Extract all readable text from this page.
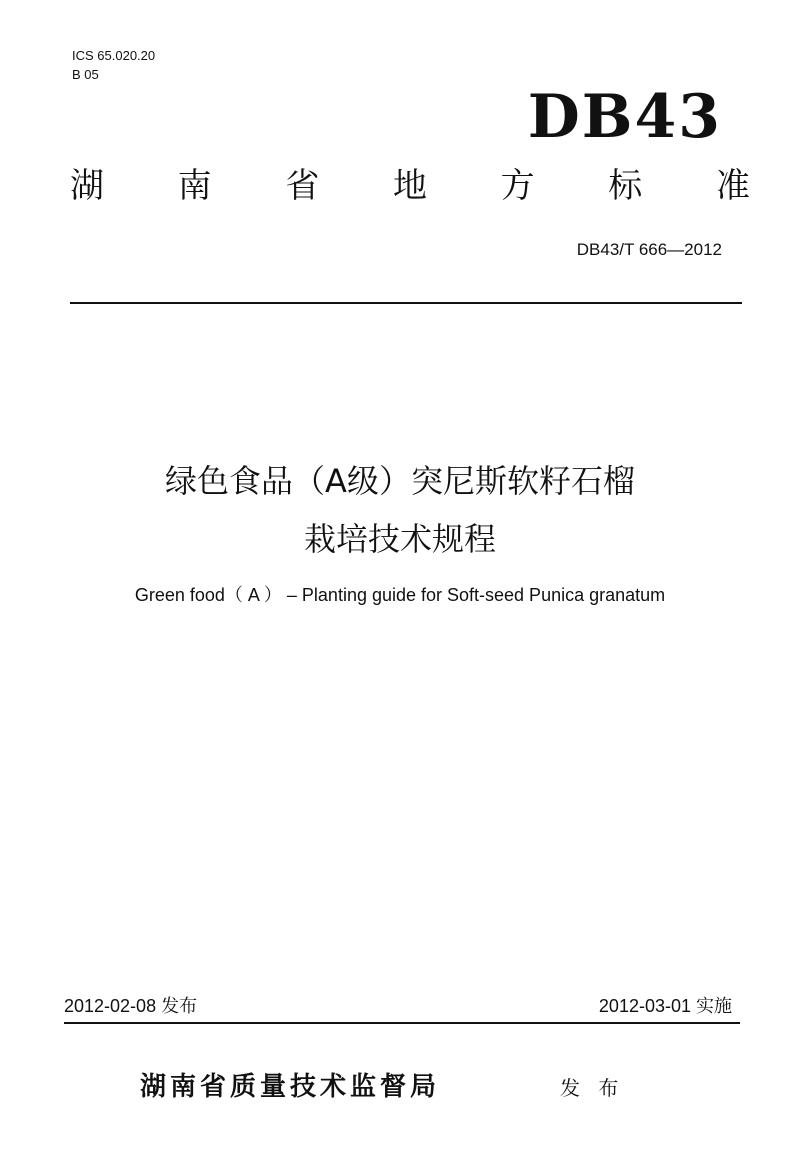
ICS 65.020.20
B 05
DB43
湖 南 省 地 方 标 准
DB43/T 666—2012
绿色食品（A级）突尼斯软籽石榴
栽培技术规程
Green food（ A ） – Planting guide for Soft-seed Punica granatum
2012-02-08 发布	2012-03-01 实施
湖南省质量技术监督局	发 布
